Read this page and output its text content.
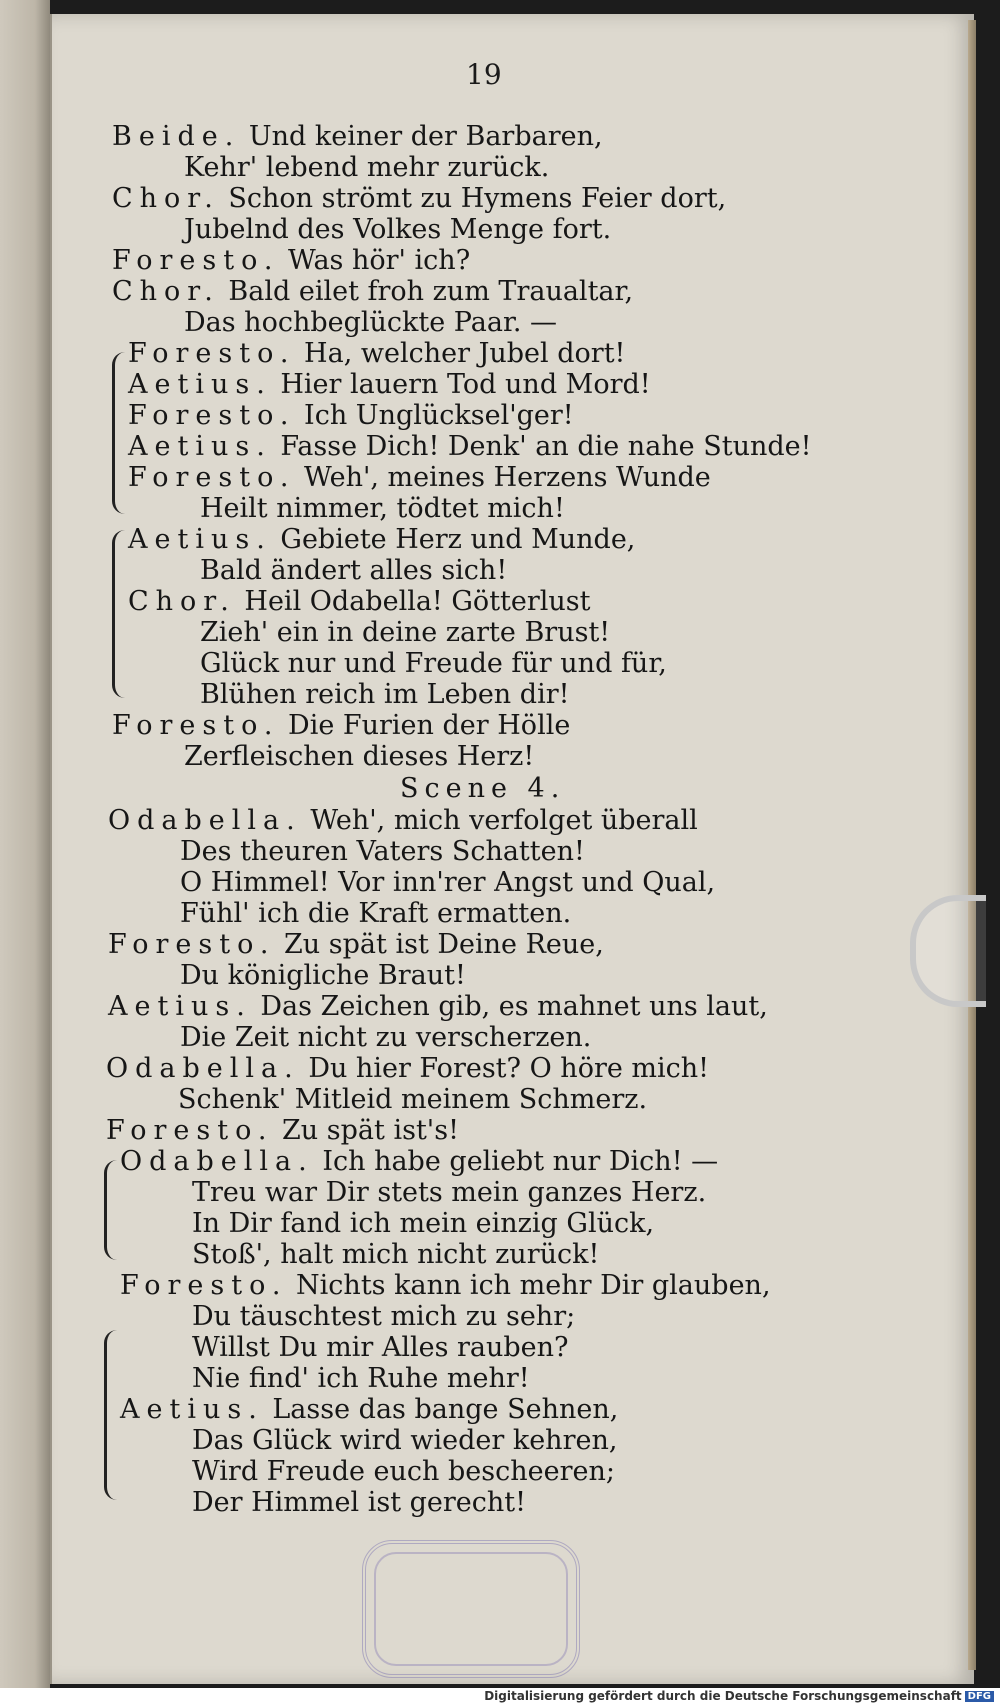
19
Beide. Und keiner der Barbaren,
Kehr' lebend mehr zurück.
Chor. Schon strömt zu Hymens Feier dort,
Jubelnd des Volkes Menge fort.
Foresto. Was hör' ich?
Chor. Bald eilet froh zum Traualtar,
Das hochbeglückte Paar. —
Foresto. Ha, welcher Jubel dort!
Aetius. Hier lauern Tod und Mord!
Foresto. Ich Unglücksel'ger!
Aetius. Fasse Dich! Denk' an die nahe Stunde!
Foresto. Weh', meines Herzens Wunde
Heilt nimmer, tödtet mich!
Aetius. Gebiete Herz und Munde,
Bald ändert alles sich!
Chor. Heil Odabella! Götterlust
Zieh' ein in deine zarte Brust!
Glück nur und Freude für und für,
Blühen reich im Leben dir!
Foresto. Die Furien der Hölle
Zerfleischen dieses Herz!
Scene 4.
Odabella. Weh', mich verfolget überall
Des theuren Vaters Schatten!
O Himmel! Vor inn'rer Angst und Qual,
Fühl' ich die Kraft ermatten.
Foresto. Zu spät ist Deine Reue,
Du königliche Braut!
Aetius. Das Zeichen gib, es mahnet uns laut,
Die Zeit nicht zu verscherzen.
Odabella. Du hier Forest? O höre mich!
Schenk' Mitleid meinem Schmerz.
Foresto. Zu spät ist's!
Odabella. Ich habe geliebt nur Dich! —
Treu war Dir stets mein ganzes Herz.
In Dir fand ich mein einzig Glück,
Stoß', halt mich nicht zurück!
Foresto. Nichts kann ich mehr Dir glauben,
Du täuschtest mich zu sehr;
Willst Du mir Alles rauben?
Nie find' ich Ruhe mehr!
Aetius. Lasse das bange Sehnen,
Das Glück wird wieder kehren,
Wird Freude euch bescheeren;
Der Himmel ist gerecht!
Digitalisierung gefördert durch die Deutsche Forschungsgemeinschaft DFG
